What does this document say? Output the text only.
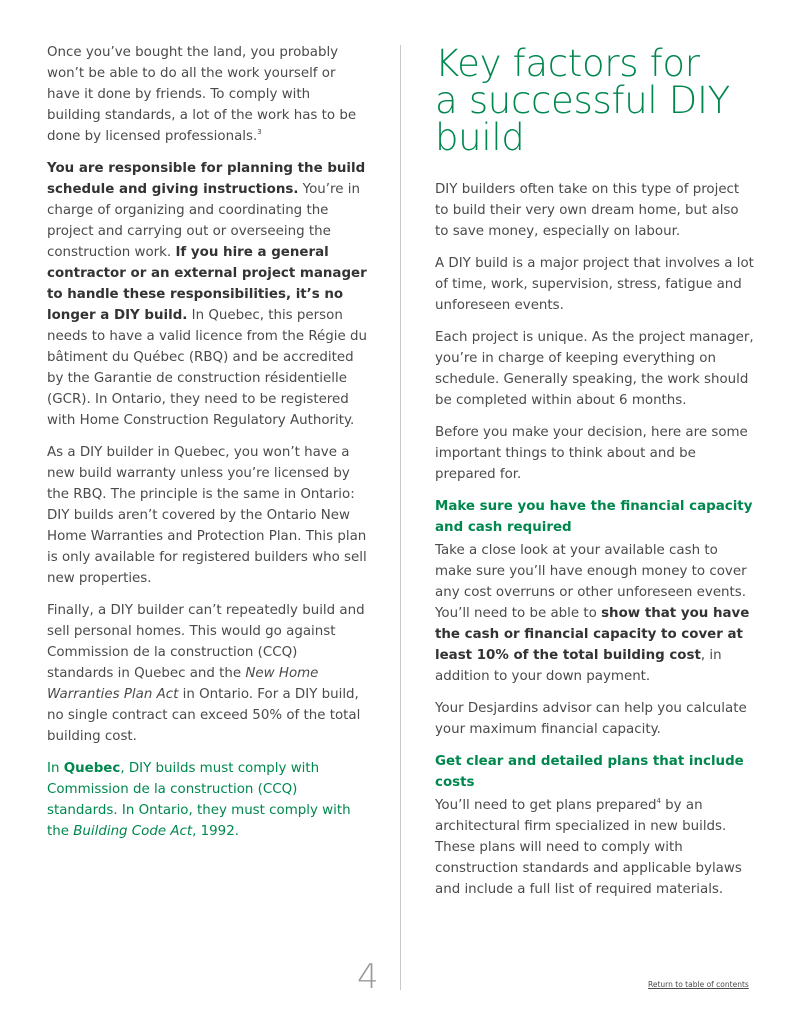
Once you’ve bought the land, you probably won’t be able to do all the work yourself or have it done by friends. To comply with building standards, a lot of the work has to be done by licensed professionals.$^3$

You are responsible for planning the build schedule and giving instructions. You’re in charge of organizing and coordinating the project and carrying out or overseeing the construction work. If you hire a general contractor or an external project manager to handle these responsibilities, it’s no longer a DIY build. In Quebec, this person needs to have a valid licence from the Régie du bâtiment du Québec (RBQ) and be accredited by the Garantie de construction résidentielle (GCR). In Ontario, they need to be registered with Home Construction Regulatory Authority.

As a DIY builder in Quebec, you won’t have a new build warranty unless you’re licensed by the RBQ. The principle is the same in Ontario: DIY builds aren’t covered by the Ontario New Home Warranties and Protection Plan. This plan is only available for registered builders who sell new properties.

Finally, a DIY builder can’t repeatedly build and sell personal homes. This would go against Commission de la construction (CCQ) standards in Quebec and the New Home Warranties Plan Act in Ontario. For a DIY build, no single contract can exceed 50% of the total building cost.

In Quebec, DIY builds must comply with Commission de la construction (CCQ) standards. In Ontario, they must comply with the Building Code Act, 1992.

Key factors for
a successful DIY
build

DIY builders often take on this type of project to build their very own dream home, but also to save money, especially on labour.

A DIY build is a major project that involves a lot of time, work, supervision, stress, fatigue and unforeseen events.

Each project is unique. As the project manager, you’re in charge of keeping everything on schedule. Generally speaking, the work should be completed within about 6 months.

Before you make your decision, here are some important things to think about and be prepared for.

Make sure you have the financial capacity and cash required

Take a close look at your available cash to make sure you’ll have enough money to cover any cost overruns or other unforeseen events. You’ll need to be able to show that you have the cash or financial capacity to cover at least 10% of the total building cost, in addition to your down payment.

Your Desjardins advisor can help you calculate your maximum financial capacity.

Get clear and detailed plans that include costs

You’ll need to get plans prepared$^4$ by an architectural firm specialized in new builds. These plans will need to comply with construction standards and applicable bylaws and include a full list of required materials.

4	Return to table of contents
